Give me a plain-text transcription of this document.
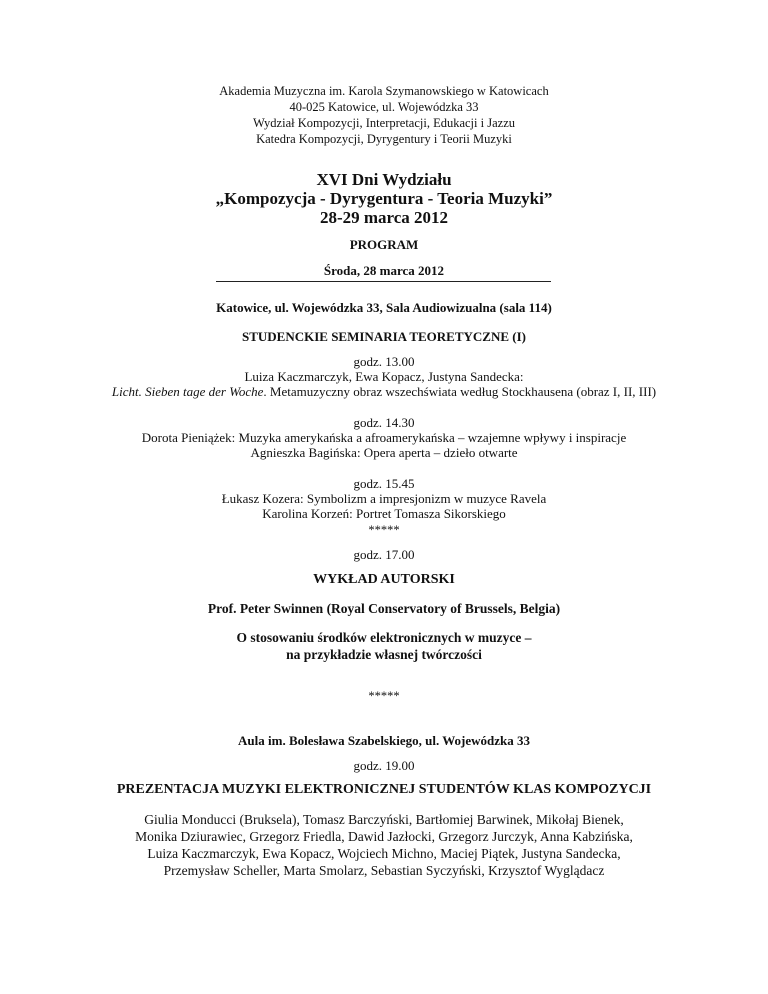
Akademia Muzyczna im. Karola Szymanowskiego w Katowicach
40-025 Katowice, ul. Wojewódzka 33
Wydział Kompozycji, Interpretacji, Edukacji i Jazzu
Katedra Kompozycji, Dyrygentury i Teorii Muzyki
XVI Dni Wydziału
„Kompozycja - Dyrygentura - Teoria Muzyki”
28-29 marca 2012
PROGRAM
Środa, 28 marca 2012
Katowice, ul. Wojewódzka 33, Sala Audiowizualna (sala 114)
STUDENCKIE SEMINARIA TEORETYCZNE (I)
godz. 13.00
Luiza Kaczmarczyk, Ewa Kopacz, Justyna Sandecka:
Licht. Sieben tage der Woche. Metamuzyczny obraz wszechświata według Stockhausena (obraz I, II, III)
godz. 14.30
Dorota Pieniążek: Muzyka amerykańska a afroamerykańska – wzajemne wpływy i inspiracje
Agnieszka Bagińska: Opera aperta – dzieło otwarte
godz. 15.45
Łukasz Kozera: Symbolizm a impresjonizm w muzyce Ravela
Karolina Korzeń: Portret Tomasza Sikorskiego
*****
godz. 17.00
WYKŁAD AUTORSKI
Prof. Peter Swinnen (Royal Conservatory of Brussels, Belgia)
O stosowaniu środków elektronicznych w muzyce –
na przykładzie własnej twórczości
*****
Aula im. Bolesława Szabelskiego, ul. Wojewódzka 33
godz. 19.00
PREZENTACJA MUZYKI ELEKTRONICZNEJ STUDENTÓW KLAS KOMPOZYCJI
Giulia Monducci (Bruksela), Tomasz Barczyński, Bartłomiej Barwinek, Mikołaj Bienek,
Monika Dziurawiec, Grzegorz Friedla, Dawid Jazłocki, Grzegorz Jurczyk, Anna Kabzińska,
Luiza Kaczmarczyk, Ewa Kopacz, Wojciech Michno, Maciej Piątek, Justyna Sandecka,
Przemysław Scheller, Marta Smolarz, Sebastian Syczyński, Krzysztof Wyglądacz
